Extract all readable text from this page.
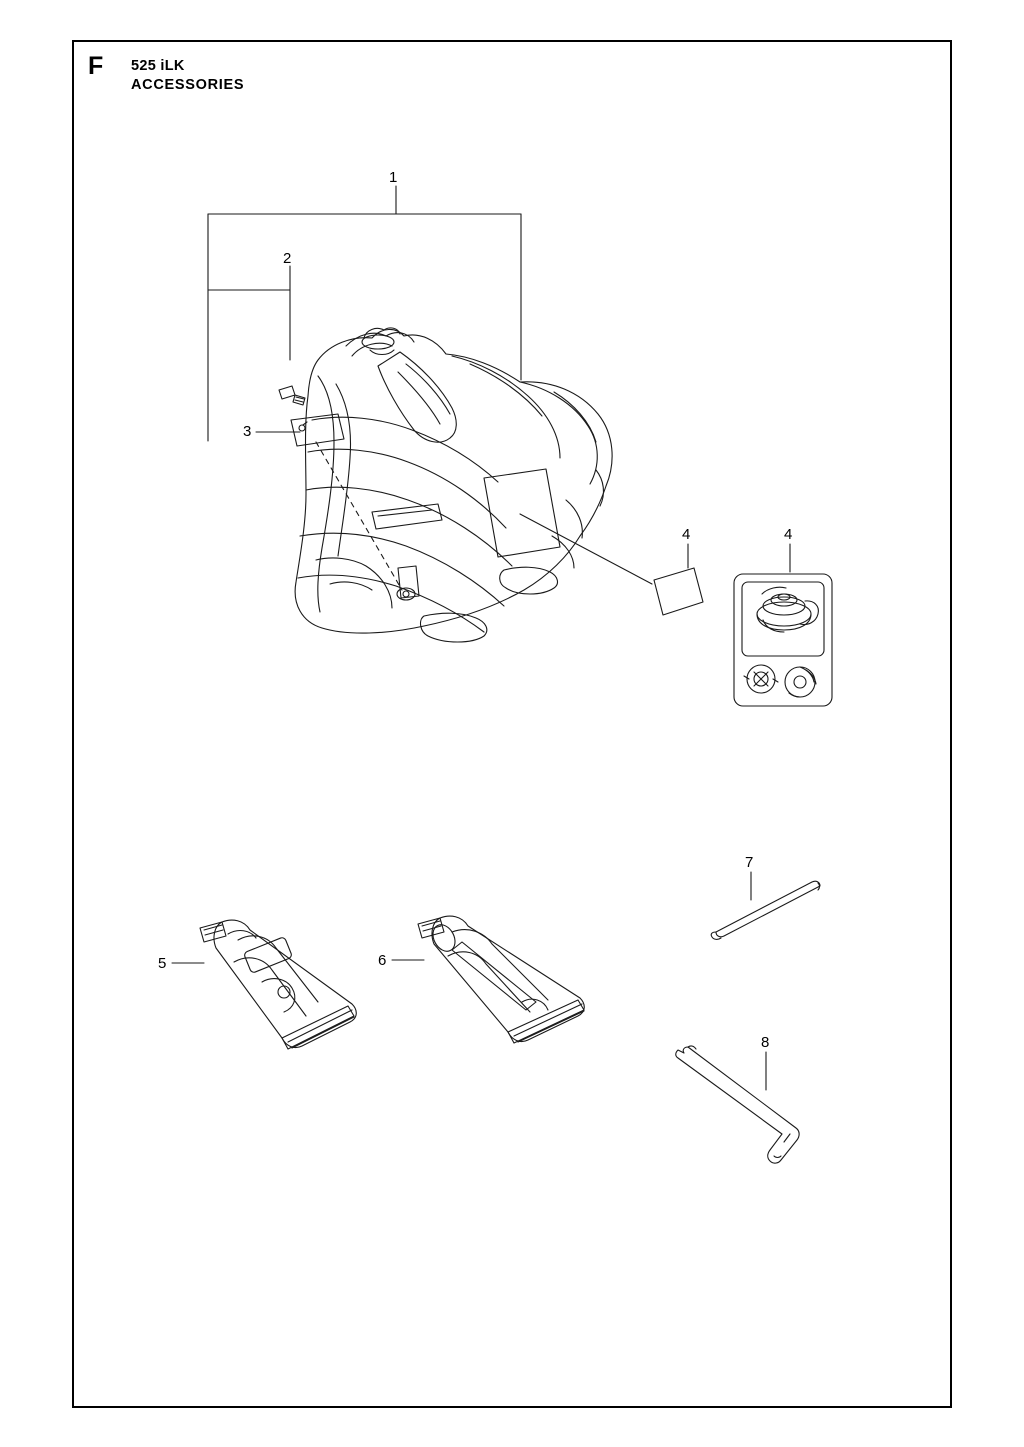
F 525 iLK
ACCESSORIES
1
2
3
4	4
5	6
7
8
